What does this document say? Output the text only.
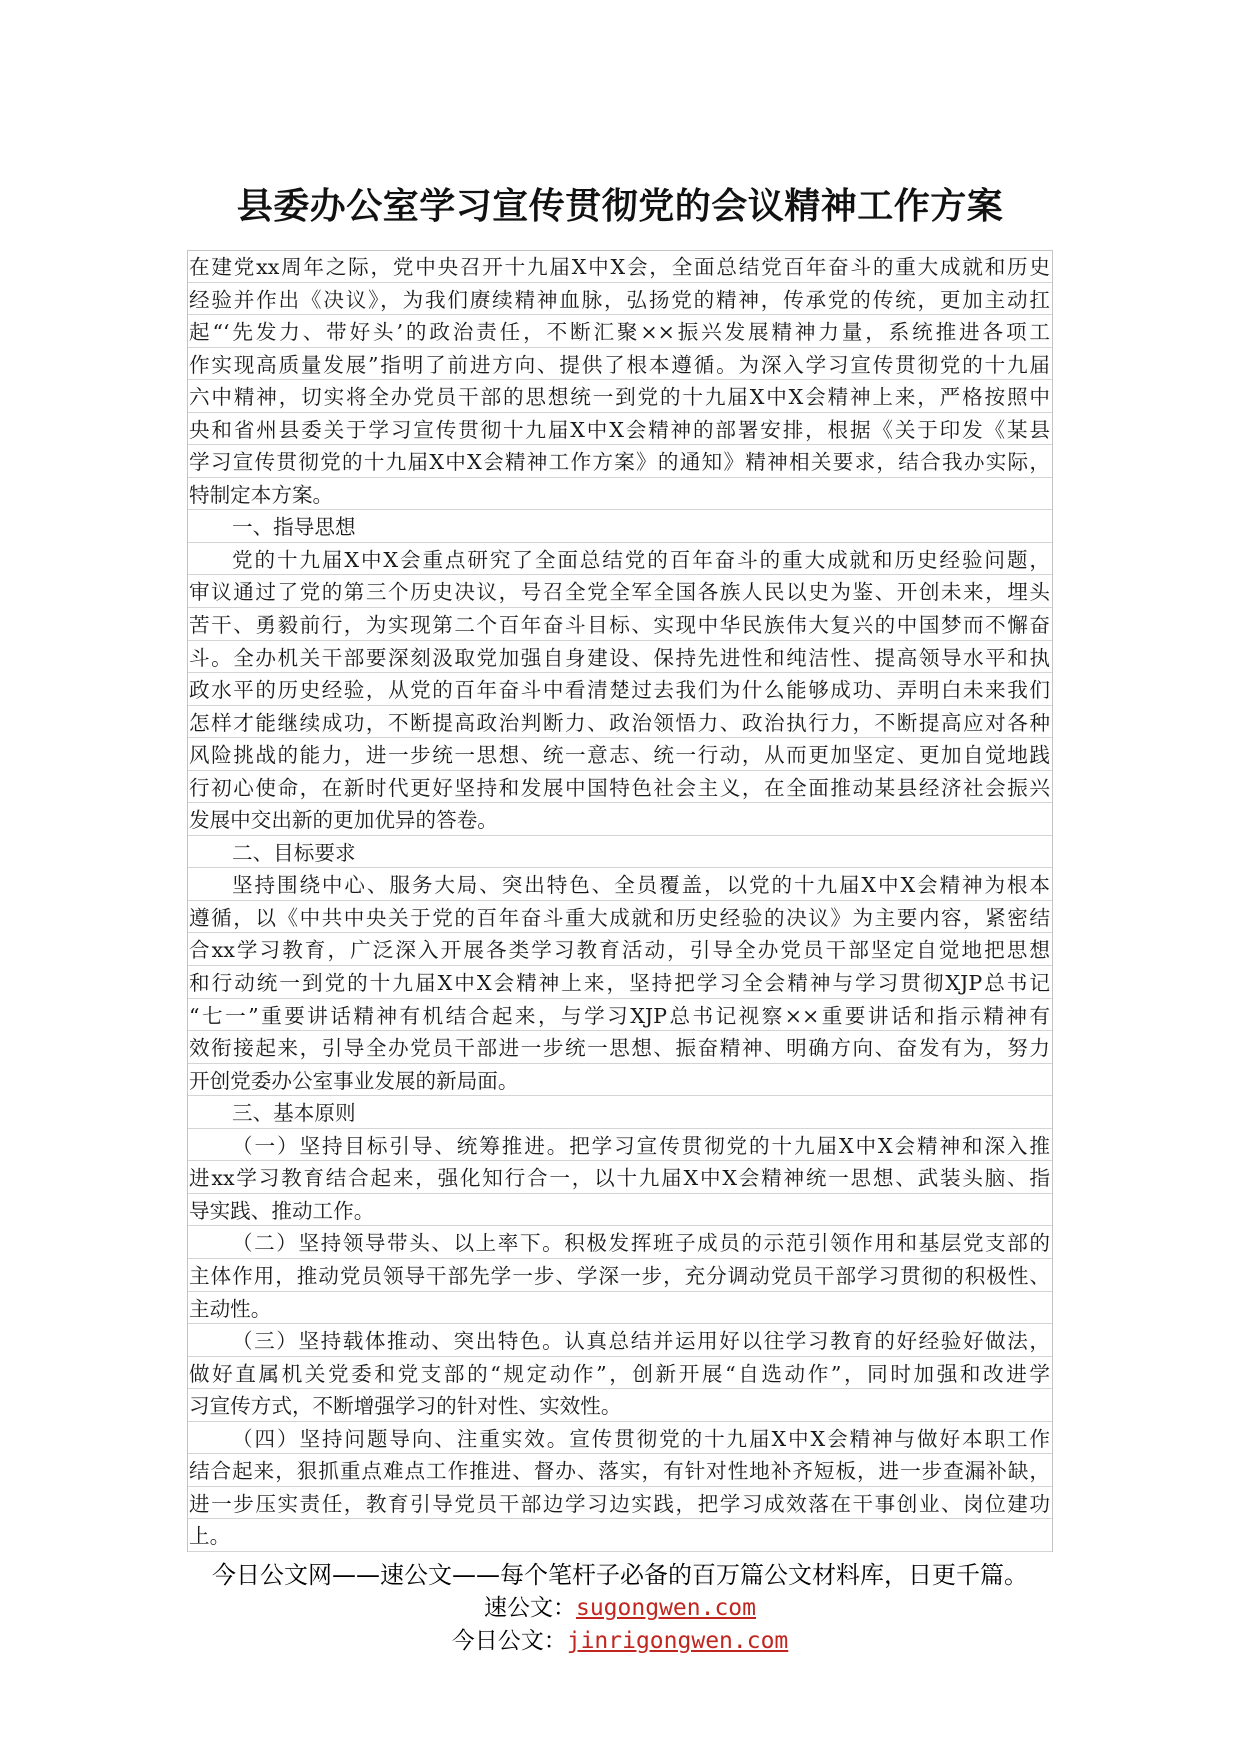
县委办公室学习宣传贯彻党的会议精神工作方案
在建党xx周年之际，党中央召开十九届X中X会，全面总结党百年奋斗的重大成就和历史
经验并作出《决议》，为我们赓续精神血脉，弘扬党的精神，传承党的传统，更加主动扛
起“‘先发力、带好头’的政治责任，不断汇聚××振兴发展精神力量，系统推进各项工
作实现高质量发展”指明了前进方向、提供了根本遵循。为深入学习宣传贯彻党的十九届
六中精神，切实将全办党员干部的思想统一到党的十九届X中X会精神上来，严格按照中
央和省州县委关于学习宣传贯彻十九届X中X会精神的部署安排，根据《关于印发《某县
学习宣传贯彻党的十九届X中X会精神工作方案》的通知》精神相关要求，结合我办实际，
特制定本方案。
一、指导思想
党的十九届X中X会重点研究了全面总结党的百年奋斗的重大成就和历史经验问题，
审议通过了党的第三个历史决议，号召全党全军全国各族人民以史为鉴、开创未来，埋头
苦干、勇毅前行，为实现第二个百年奋斗目标、实现中华民族伟大复兴的中国梦而不懈奋
斗。全办机关干部要深刻汲取党加强自身建设、保持先进性和纯洁性、提高领导水平和执
政水平的历史经验，从党的百年奋斗中看清楚过去我们为什么能够成功、弄明白未来我们
怎样才能继续成功，不断提高政治判断力、政治领悟力、政治执行力，不断提高应对各种
风险挑战的能力，进一步统一思想、统一意志、统一行动，从而更加坚定、更加自觉地践
行初心使命，在新时代更好坚持和发展中国特色社会主义，在全面推动某县经济社会振兴
发展中交出新的更加优异的答卷。
二、目标要求
坚持围绕中心、服务大局、突出特色、全员覆盖，以党的十九届X中X会精神为根本
遵循，以《中共中央关于党的百年奋斗重大成就和历史经验的决议》为主要内容，紧密结
合xx学习教育，广泛深入开展各类学习教育活动，引导全办党员干部坚定自觉地把思想
和行动统一到党的十九届X中X会精神上来，坚持把学习全会精神与学习贯彻XJP总书记
“七一”重要讲话精神有机结合起来，与学习XJP总书记视察××重要讲话和指示精神有
效衔接起来，引导全办党员干部进一步统一思想、振奋精神、明确方向、奋发有为，努力
开创党委办公室事业发展的新局面。
三、基本原则
（一）坚持目标引导、统筹推进。把学习宣传贯彻党的十九届X中X会精神和深入推
进xx学习教育结合起来，强化知行合一，以十九届X中X会精神统一思想、武装头脑、指
导实践、推动工作。
（二）坚持领导带头、以上率下。积极发挥班子成员的示范引领作用和基层党支部的
主体作用，推动党员领导干部先学一步、学深一步，充分调动党员干部学习贯彻的积极性、
主动性。
（三）坚持载体推动、突出特色。认真总结并运用好以往学习教育的好经验好做法，
做好直属机关党委和党支部的“规定动作”，创新开展“自选动作”，同时加强和改进学
习宣传方式，不断增强学习的针对性、实效性。
（四）坚持问题导向、注重实效。宣传贯彻党的十九届X中X会精神与做好本职工作
结合起来，狠抓重点难点工作推进、督办、落实，有针对性地补齐短板，进一步查漏补缺，
进一步压实责任，教育引导党员干部边学习边实践，把学习成效落在干事创业、岗位建功
上。
今日公文网——速公文——每个笔杆子必备的百万篇公文材料库，日更千篇。
速公文：sugongwen.com
今日公文：jinrigongwen.com
